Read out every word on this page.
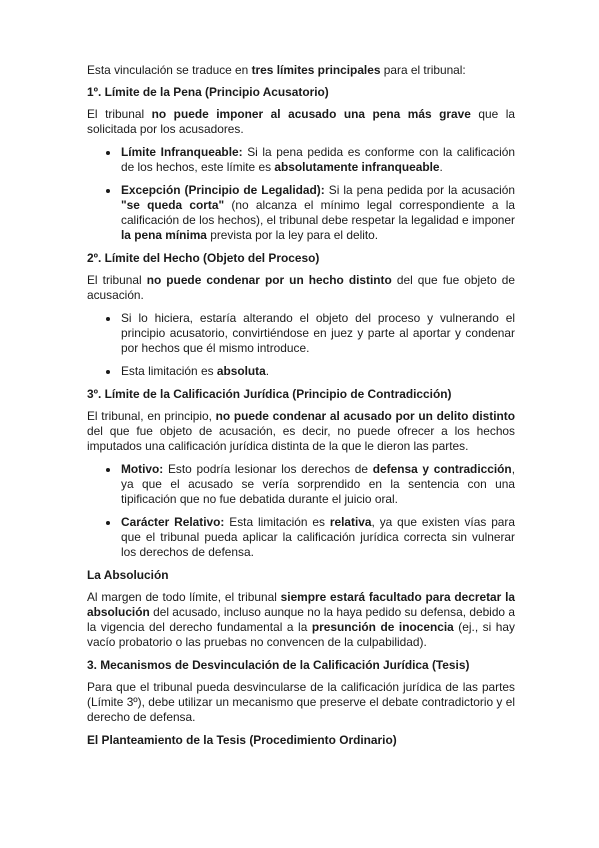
Esta vinculación se traduce en tres límites principales para el tribunal:

1º. Límite de la Pena (Principio Acusatorio)

El tribunal no puede imponer al acusado una pena más grave que la solicitada por los acusadores.

Límite Infranqueable: Si la pena pedida es conforme con la calificación de los hechos, este límite es absolutamente infranqueable.
Excepción (Principio de Legalidad): Si la pena pedida por la acusación "se queda corta" (no alcanza el mínimo legal correspondiente a la calificación de los hechos), el tribunal debe respetar la legalidad e imponer la pena mínima prevista por la ley para el delito.

2º. Límite del Hecho (Objeto del Proceso)

El tribunal no puede condenar por un hecho distinto del que fue objeto de acusación.

Si lo hiciera, estaría alterando el objeto del proceso y vulnerando el principio acusatorio, convirtiéndose en juez y parte al aportar y condenar por hechos que él mismo introduce.
Esta limitación es absoluta.

3º. Límite de la Calificación Jurídica (Principio de Contradicción)

El tribunal, en principio, no puede condenar al acusado por un delito distinto del que fue objeto de acusación, es decir, no puede ofrecer a los hechos imputados una calificación jurídica distinta de la que le dieron las partes.

Motivo: Esto podría lesionar los derechos de defensa y contradicción, ya que el acusado se vería sorprendido en la sentencia con una tipificación que no fue debatida durante el juicio oral.
Carácter Relativo: Esta limitación es relativa, ya que existen vías para que el tribunal pueda aplicar la calificación jurídica correcta sin vulnerar los derechos de defensa.

La Absolución

Al margen de todo límite, el tribunal siempre estará facultado para decretar la absolución del acusado, incluso aunque no la haya pedido su defensa, debido a la vigencia del derecho fundamental a la presunción de inocencia (ej., si hay vacío probatorio o las pruebas no convencen de la culpabilidad).

3. Mecanismos de Desvinculación de la Calificación Jurídica (Tesis)

Para que el tribunal pueda desvincularse de la calificación jurídica de las partes (Límite 3º), debe utilizar un mecanismo que preserve el debate contradictorio y el derecho de defensa.

El Planteamiento de la Tesis (Procedimiento Ordinario)
